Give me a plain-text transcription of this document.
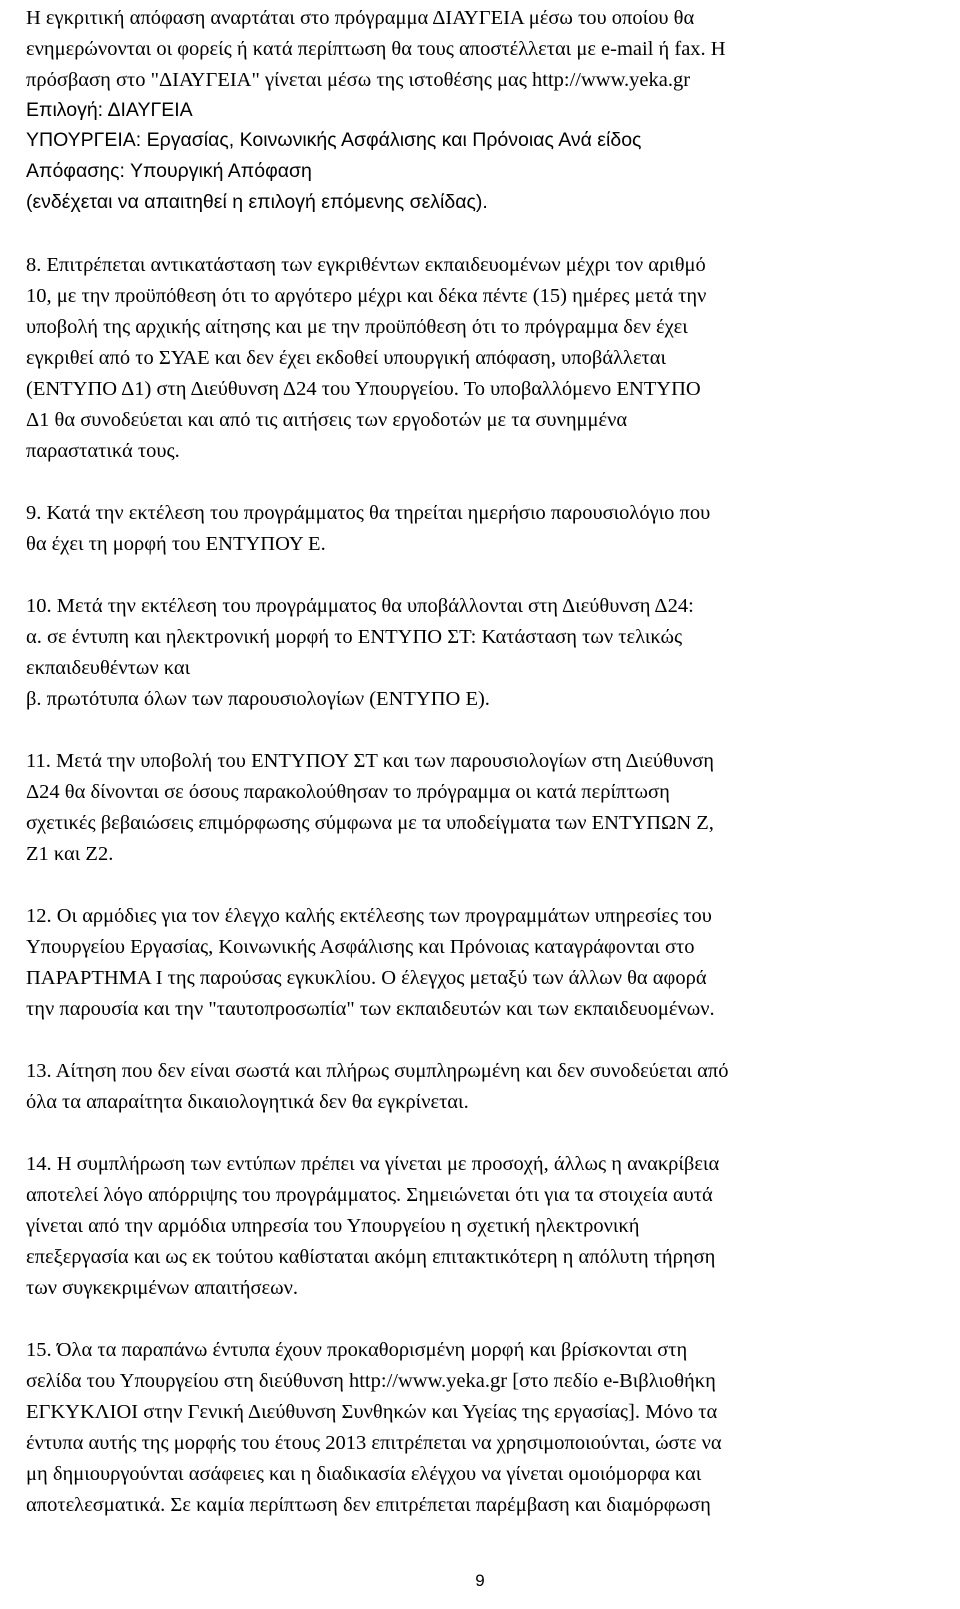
Η εγκριτική απόφαση αναρτάται στο πρόγραμμα ΔΙΑΥΓΕΙΑ μέσω του οποίου θα
ενημερώνονται οι φορείς ή κατά περίπτωση θα τους αποστέλλεται με e-mail ή fax. Η
πρόσβαση στο "ΔΙΑΥΓΕΙΑ" γίνεται μέσω της ιστοθέσης μας http://www.yeka.gr
Επιλογή: ΔΙΑΥΓΕΙΑ
ΥΠΟΥΡΓΕΙΑ: Εργασίας, Κοινωνικής Ασφάλισης και Πρόνοιας Ανά είδος
Απόφασης: Υπουργική Απόφαση
(ενδέχεται να απαιτηθεί η επιλογή επόμενης σελίδας).
8. Επιτρέπεται αντικατάσταση των εγκριθέντων εκπαιδευομένων μέχρι τον αριθμό
10, με την προϋπόθεση ότι το αργότερο μέχρι και δέκα πέντε (15) ημέρες μετά την
υποβολή της αρχικής αίτησης και με την προϋπόθεση ότι το πρόγραμμα δεν έχει
εγκριθεί από το ΣΥΑΕ και δεν έχει εκδοθεί υπουργική απόφαση, υποβάλλεται
(ΕΝΤΥΠΟ Δ1) στη Διεύθυνση Δ24 του Υπουργείου. Το υποβαλλόμενο ΕΝΤΥΠΟ
Δ1 θα συνοδεύεται και από τις αιτήσεις των εργοδοτών με τα συνημμένα
παραστατικά τους.
9. Κατά την εκτέλεση του προγράμματος θα τηρείται ημερήσιο παρουσιολόγιο που
θα έχει τη μορφή του ΕΝΤΥΠΟΥ Ε.
10. Μετά την εκτέλεση του προγράμματος θα υποβάλλονται στη Διεύθυνση Δ24:
α. σε έντυπη και ηλεκτρονική μορφή το ΕΝΤΥΠΟ ΣΤ: Κατάσταση των τελικώς
εκπαιδευθέντων και
β. πρωτότυπα όλων των παρουσιολογίων (ΕΝΤΥΠΟ Ε).
11. Μετά την υποβολή του ΕΝΤΥΠΟΥ ΣΤ και των παρουσιολογίων στη Διεύθυνση
Δ24 θα δίνονται σε όσους παρακολούθησαν το πρόγραμμα οι κατά περίπτωση
σχετικές βεβαιώσεις επιμόρφωσης σύμφωνα με τα υποδείγματα των ΕΝΤΥΠΩΝ Ζ,
Ζ1 και Ζ2.
12. Οι αρμόδιες για τον έλεγχο καλής εκτέλεσης των προγραμμάτων υπηρεσίες του
Υπουργείου Εργασίας, Κοινωνικής Ασφάλισης και Πρόνοιας καταγράφονται στο
ΠΑΡΑΡΤΗΜΑ Ι της παρούσας εγκυκλίου. Ο έλεγχος μεταξύ των άλλων θα αφορά
την παρουσία και την "ταυτοπροσωπία" των εκπαιδευτών και των εκπαιδευομένων.
13. Αίτηση που δεν είναι σωστά και πλήρως συμπληρωμένη και δεν συνοδεύεται από
όλα τα απαραίτητα δικαιολογητικά δεν θα εγκρίνεται.
14. Η συμπλήρωση των εντύπων πρέπει να γίνεται με προσοχή, άλλως η ανακρίβεια
αποτελεί λόγο απόρριψης του προγράμματος. Σημειώνεται ότι για τα στοιχεία αυτά
γίνεται από την αρμόδια υπηρεσία του Υπουργείου η σχετική ηλεκτρονική
επεξεργασία και ως εκ τούτου καθίσταται ακόμη επιτακτικότερη η απόλυτη τήρηση
των συγκεκριμένων απαιτήσεων.
15. Όλα τα παραπάνω έντυπα έχουν προκαθορισμένη μορφή και βρίσκονται στη
σελίδα του Υπουργείου στη διεύθυνση http://www.yeka.gr [στο πεδίο e-Βιβλιοθήκη
ΕΓΚΥΚΛΙΟΙ στην Γενική Διεύθυνση Συνθηκών και Υγείας της εργασίας]. Μόνο τα
έντυπα αυτής της μορφής του έτους 2013 επιτρέπεται να χρησιμοποιούνται, ώστε να
μη δημιουργούνται ασάφειες και η διαδικασία ελέγχου να γίνεται ομοιόμορφα και
αποτελεσματικά. Σε καμία περίπτωση δεν επιτρέπεται παρέμβαση και διαμόρφωση
9
